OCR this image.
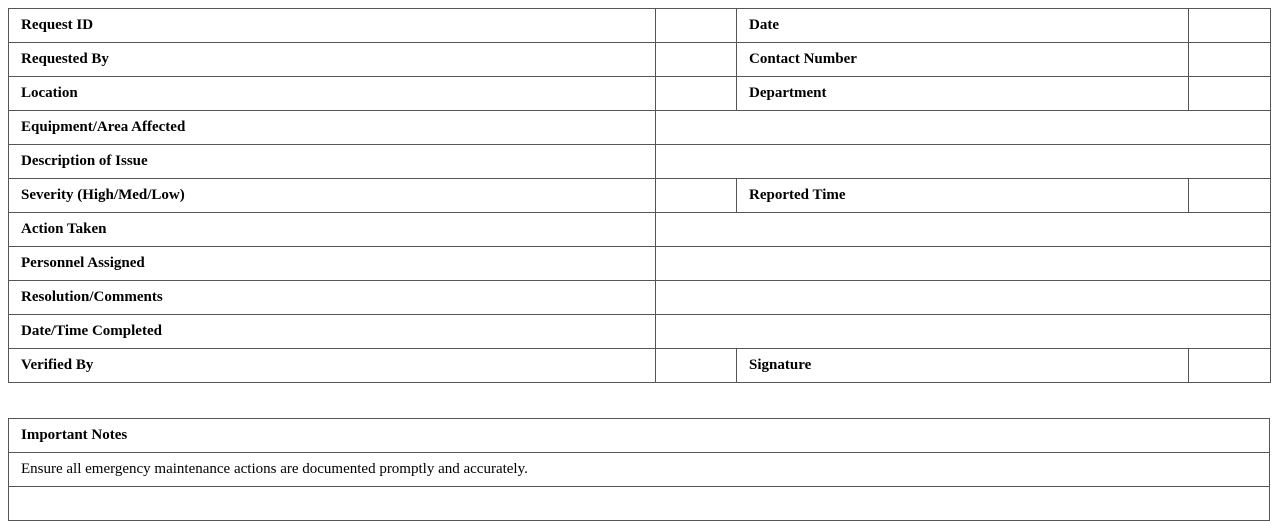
Request ID		Date	
Requested By		Contact Number	
Location		Department	
Equipment/Area Affected			
Description of Issue			
Severity (High/Med/Low)		Reported Time	
Action Taken			
Personnel Assigned			
Resolution/Comments			
Date/Time Completed			
Verified By		Signature	
Important Notes
Ensure all emergency maintenance actions are documented promptly and accurately.
